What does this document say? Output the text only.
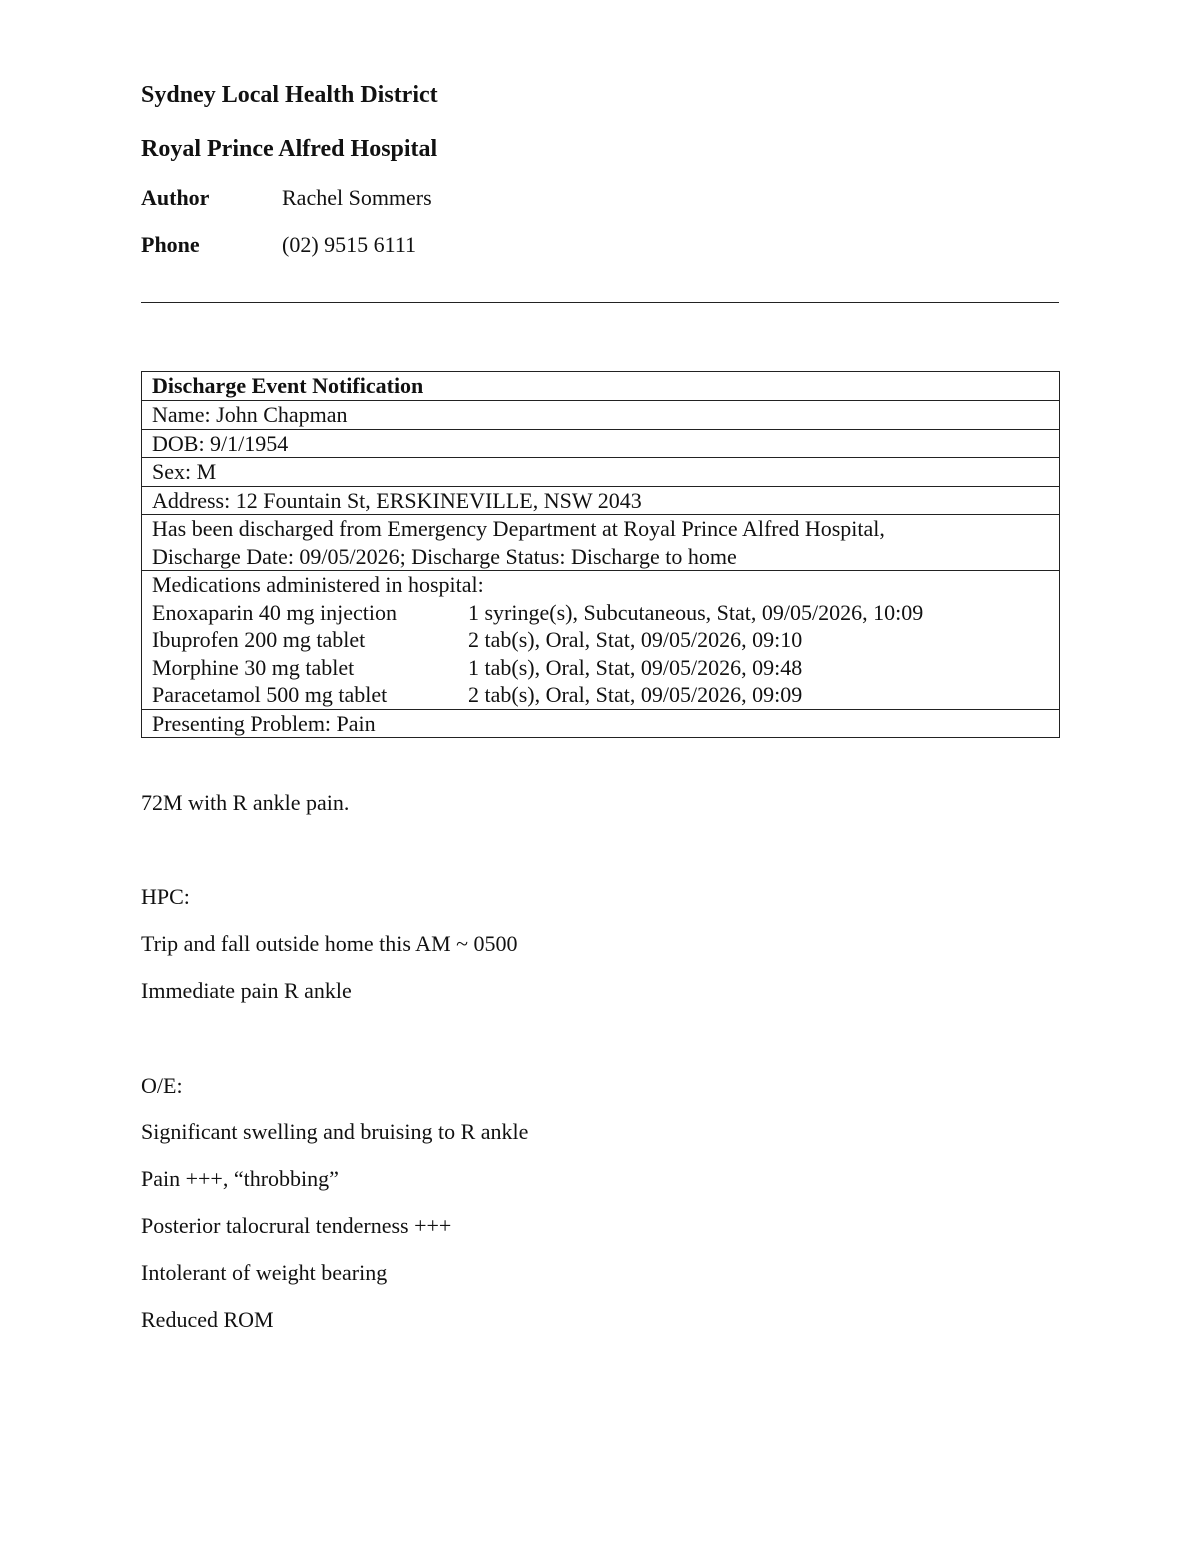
Sydney Local Health District
Royal Prince Alfred Hospital
Author	Rachel Sommers
Phone	(02) 9515 6111
Discharge Event Notification
Name: John Chapman
DOB: 9/1/1954
Sex: M
Address: 12 Fountain St, ERSKINEVILLE, NSW 2043

Has been discharged from Emergency Department at Royal Prince Alfred Hospital,
Discharge Date: 09/05/2026; Discharge Status: Discharge to home

Medications administered in hospital:
Enoxaparin 40 mg injection	1 syringe(s), Subcutaneous, Stat, 09/05/2026, 10:09
Ibuprofen 200 mg tablet	2 tab(s), Oral, Stat, 09/05/2026, 09:10
Morphine 30 mg tablet	1 tab(s), Oral, Stat, 09/05/2026, 09:48
Paracetamol 500 mg tablet	2 tab(s), Oral, Stat, 09/05/2026, 09:09

Presenting Problem: Pain
72M with R ankle pain.
HPC:
Trip and fall outside home this AM ~ 0500
Immediate pain R ankle
O/E:
Significant swelling and bruising to R ankle
Pain +++, “throbbing”
Posterior talocrural tenderness +++
Intolerant of weight bearing
Reduced ROM
